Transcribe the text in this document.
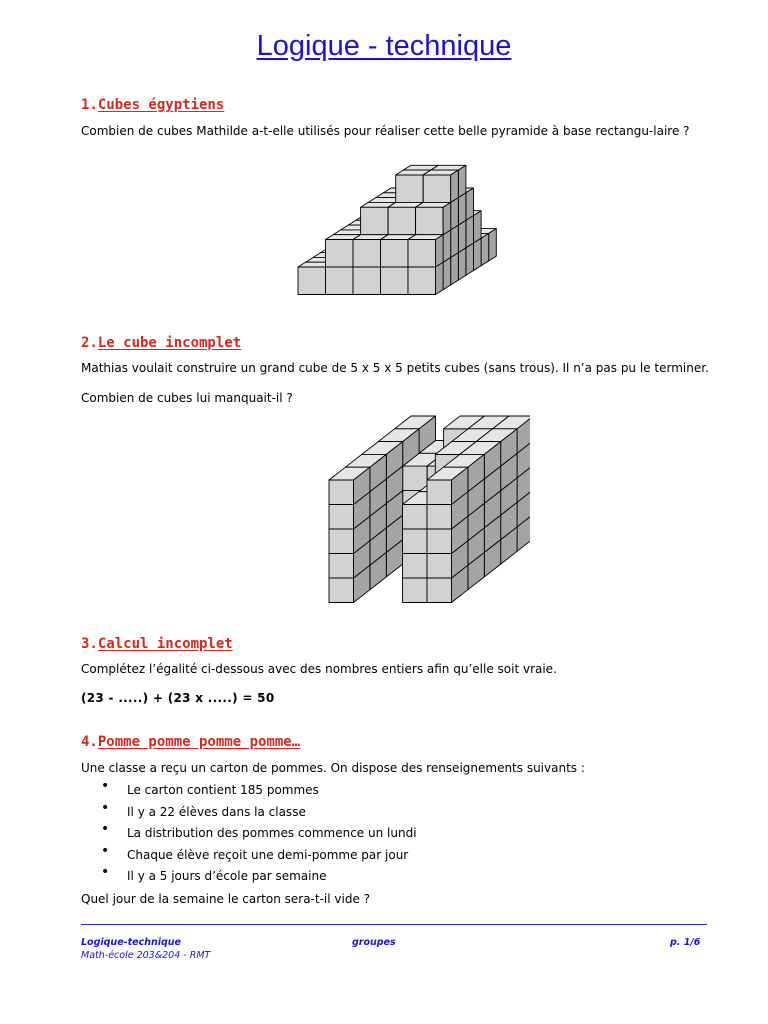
Logique - technique
1.Cubes égyptiens
Combien de cubes Mathilde a-t-elle utilisés pour réaliser cette belle pyramide à base rectangu-laire ?
2.Le cube incomplet
Mathias voulait construire un grand cube de 5 x 5 x 5 petits cubes (sans trous). Il n’a pas pu le terminer.
Combien de cubes lui manquait-il ?
3.Calcul incomplet
Complétez l’égalité ci-dessous avec des nombres entiers afin qu’elle soit vraie.
(23 - .....) + (23 x .....) = 50
4.Pomme pomme pomme pomme…
Une classe a reçu un carton de pommes. On dispose des renseignements suivants :
• Le carton contient 185 pommes
• Il y a 22 élèves dans la classe
• La distribution des pommes commence un lundi
• Chaque élève reçoit une demi-pomme par jour
• Il y a 5 jours d’école par semaine
Quel jour de la semaine le carton sera-t-il vide ?
Logique-technique
Math-école 203&204 - RMT
groupes	p. 1/6
